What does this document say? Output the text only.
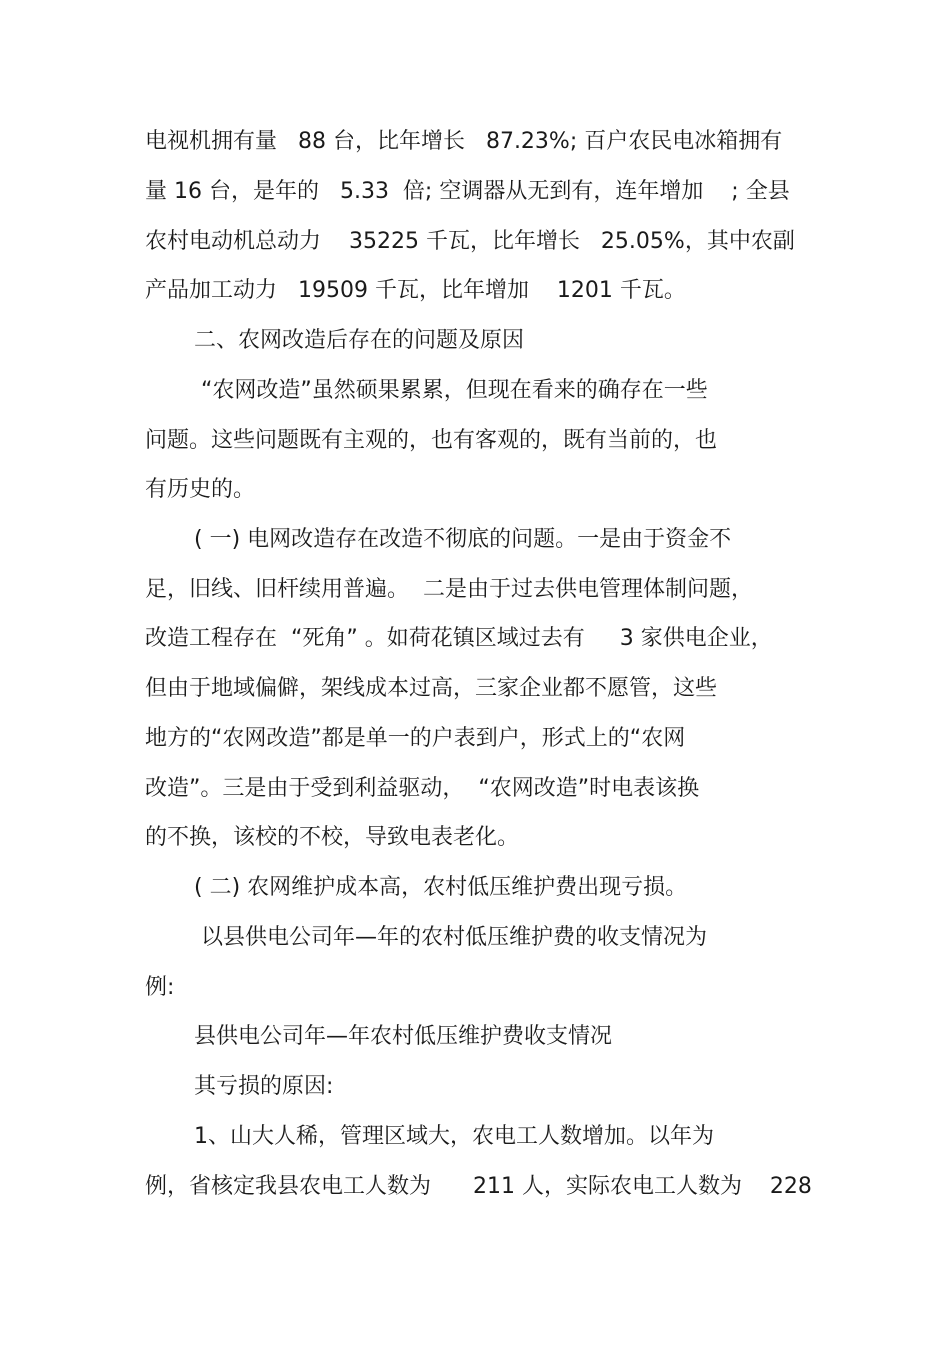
电视机拥有量   88 台，比年增长   87.23%; 百户农民电冰箱拥有

量 16 台，是年的   5.33  倍; 空调器从无到有，连年增加    ; 全县

农村电动机总动力    35225 千瓦，比年增长   25.05%，其中农副

产品加工动力   19509 千瓦，比年增加    1201 千瓦。

二、农网改造后存在的问题及原因

“农网改造”虽然硕果累累，但现在看来的确存在一些

问题。这些问题既有主观的，也有客观的，既有当前的，也

有历史的。

( 一) 电网改造存在改造不彻底的问题。一是由于资金不

足，旧线、旧杆续用普遍。  二是由于过去供电管理体制问题，

改造工程存在  “死角” 。如荷花镇区域过去有     3 家供电企业，

但由于地域偏僻，架线成本过高，三家企业都不愿管，这些

地方的“农网改造”都是单一的户表到户，形式上的“农网

改造”。三是由于受到利益驱动，  “农网改造”时电表该换

的不换，该校的不校，导致电表老化。

( 二) 农网维护成本高，农村低压维护费出现亏损。

以县供电公司年—年的农村低压维护费的收支情况为

例:

县供电公司年—年农村低压维护费收支情况

其亏损的原因:

1、山大人稀，管理区域大，农电工人数增加。以年为

例，省核定我县农电工人数为      211 人，实际农电工人数为    228
